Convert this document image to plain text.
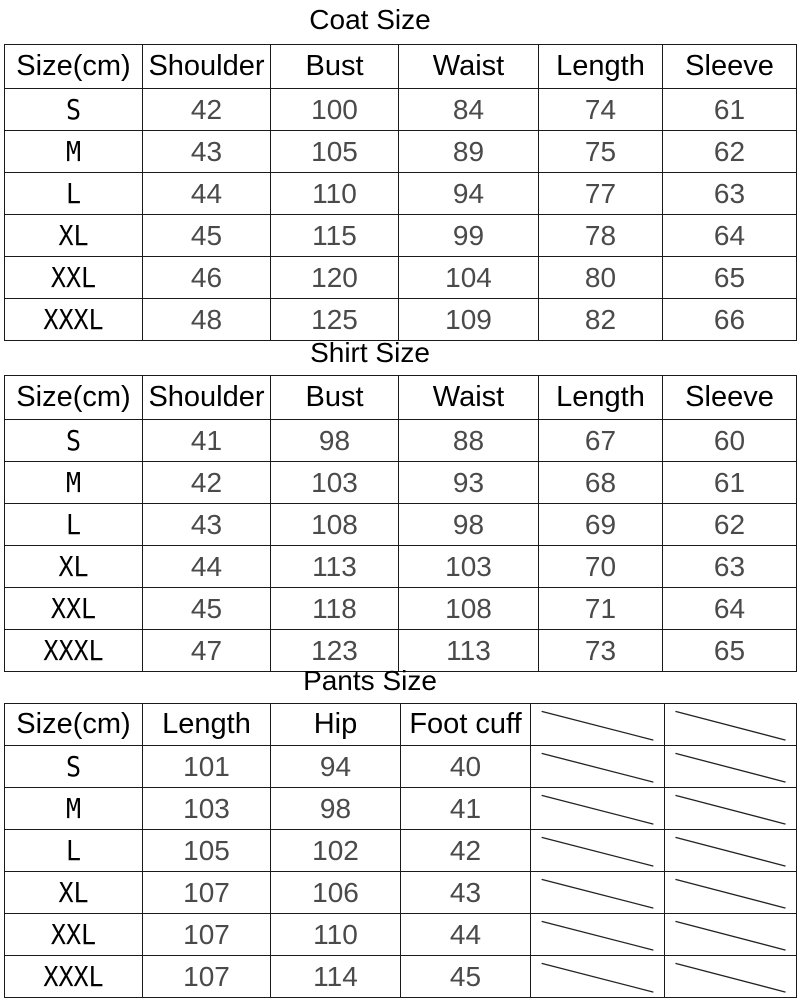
Coat Size
Size(cm)	Shoulder	Bust	Waist	Length	Sleeve
S	42	100	84	74	61
M	43	105	89	75	62
L	44	110	94	77	63
XL	45	115	99	78	64
XXL	46	120	104	80	65
XXXL	48	125	109	82	66
Shirt Size
Size(cm)	Shoulder	Bust	Waist	Length	Sleeve
S	41	98	88	67	60
M	42	103	93	68	61
L	43	108	98	69	62
XL	44	113	103	70	63
XXL	45	118	108	71	64
XXXL	47	123	113	73	65
Pants Size
Size(cm)	Length	Hip	Foot cuff	

S	101	94	40	

M	103	98	41	

L	105	102	42	

XL	107	106	43	

XXL	107	110	44	

XXXL	107	114	45	
